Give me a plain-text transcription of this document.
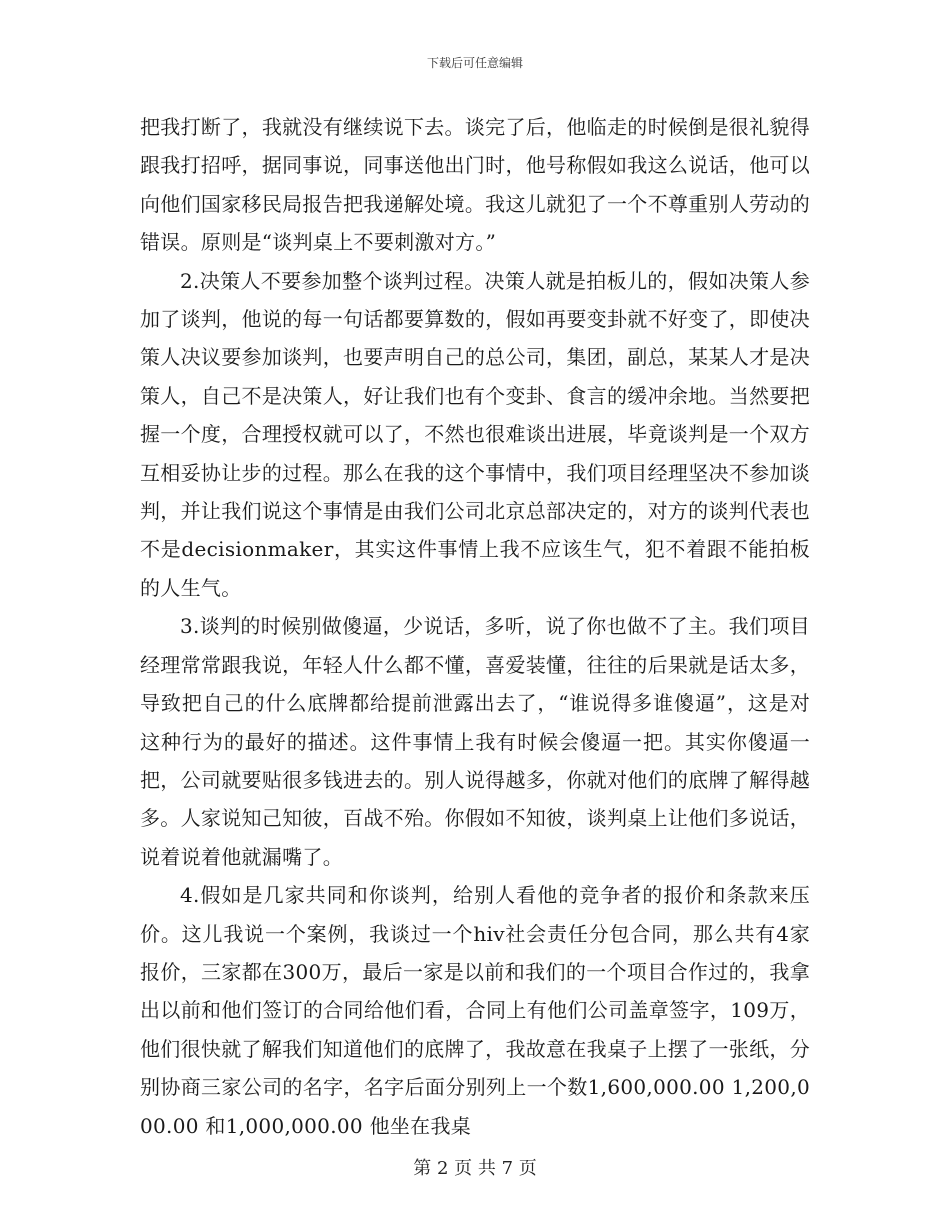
下载后可任意编辑

把我打断了，我就没有继续说下去。谈完了后，他临走的时候倒是很礼貌得跟我打招呼，据同事说，同事送他出门时，他号称假如我这么说话，他可以向他们国家移民局报告把我递解处境。我这儿就犯了一个不尊重别人劳动的错误。原则是“谈判桌上不要刺激对方。”

2.决策人不要参加整个谈判过程。决策人就是拍板儿的，假如决策人参加了谈判，他说的每一句话都要算数的，假如再要变卦就不好变了，即使决策人决议要参加谈判，也要声明自己的总公司，集团，副总，某某人才是决策人，自己不是决策人，好让我们也有个变卦、食言的缓冲余地。当然要把握一个度，合理授权就可以了，不然也很难谈出进展，毕竟谈判是一个双方互相妥协让步的过程。那么在我的这个事情中，我们项目经理坚决不参加谈判，并让我们说这个事情是由我们公司北京总部决定的，对方的谈判代表也不是decisionmaker，其实这件事情上我不应该生气，犯不着跟不能拍板的人生气。

3.谈判的时候别做傻逼，少说话，多听，说了你也做不了主。我们项目经理常常跟我说，年轻人什么都不懂，喜爱装懂，往往的后果就是话太多，导致把自己的什么底牌都给提前泄露出去了，“谁说得多谁傻逼”，这是对这种行为的最好的描述。这件事情上我有时候会傻逼一把。其实你傻逼一把，公司就要贴很多钱进去的。别人说得越多，你就对他们的底牌了解得越多。人家说知己知彼，百战不殆。你假如不知彼，谈判桌上让他们多说话，说着说着他就漏嘴了。

4.假如是几家共同和你谈判，给别人看他的竞争者的报价和条款来压价。这儿我说一个案例，我谈过一个hiv社会责任分包合同，那么共有4家报价，三家都在300万，最后一家是以前和我们的一个项目合作过的，我拿出以前和他们签订的合同给他们看，合同上有他们公司盖章签字，109万，他们很快就了解我们知道他们的底牌了，我故意在我桌子上摆了一张纸，分别协商三家公司的名字，名字后面分别列上一个数1,600,000.00 1,200,000.00 和1,000,000.00 他坐在我桌

第 2 页 共 7 页
